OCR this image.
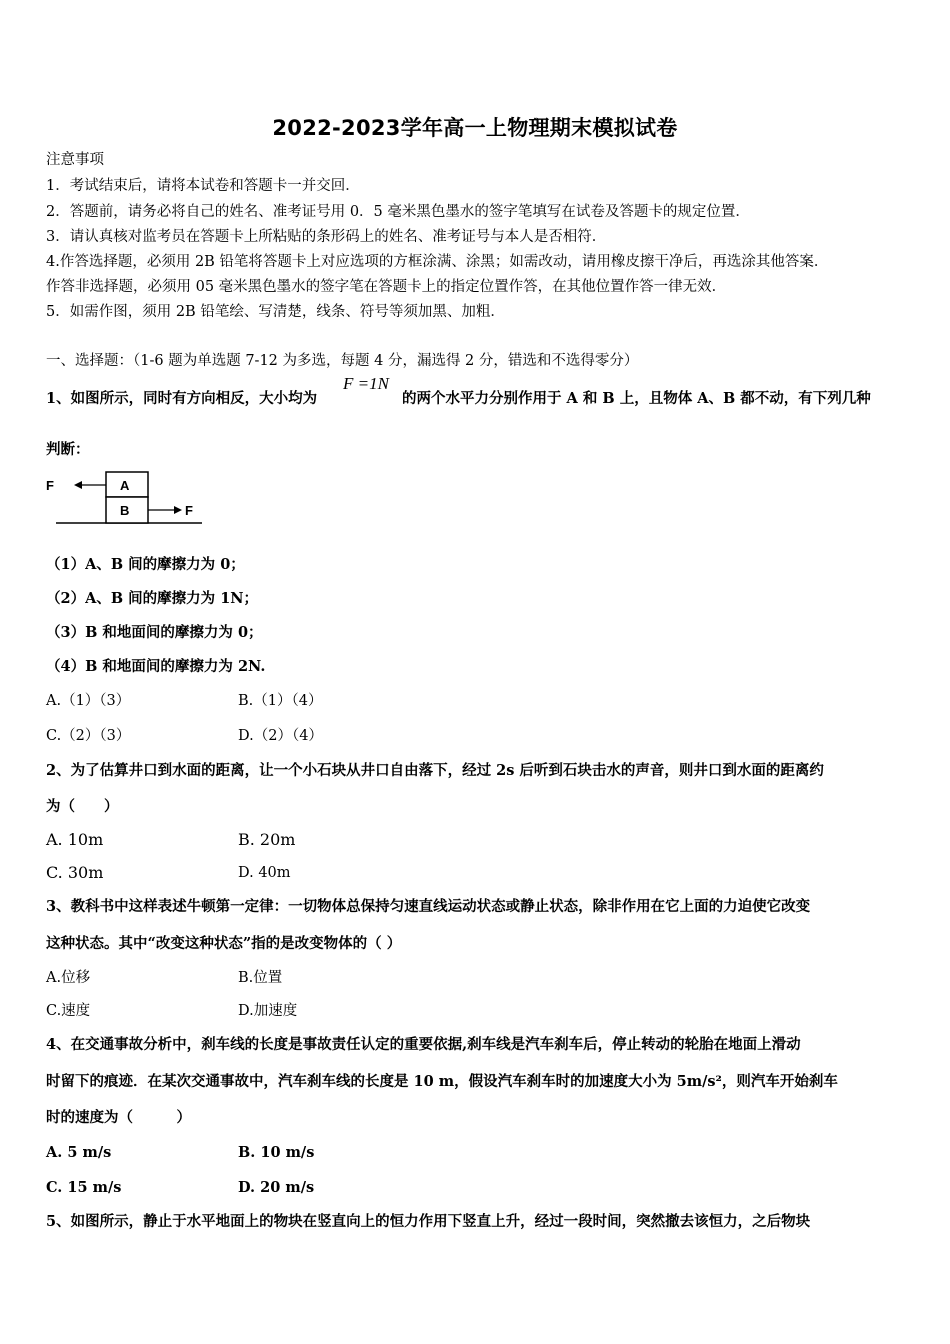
2022-2023学年高一上物理期末模拟试卷
注意事项
1．考试结束后，请将本试卷和答题卡一并交回．
2．答题前，请务必将自己的姓名、准考证号用 0．5 毫米黑色墨水的签字笔填写在试卷及答题卡的规定位置．
3．请认真核对监考员在答题卡上所粘贴的条形码上的姓名、准考证号与本人是否相符．
4.作答选择题，必须用 2B 铅笔将答题卡上对应选项的方框涂满、涂黑；如需改动，请用橡皮擦干净后，再选涂其他答案．
作答非选择题，必须用 05 毫米黑色墨水的签字笔在答题卡上的指定位置作答，在其他位置作答一律无效．
5．如需作图，须用 2B 铅笔绘、写清楚，线条、符号等须加黑、加粗．
一、选择题：（1-6 题为单选题 7-12 为多选，每题 4 分，漏选得 2 分，错选和不选得零分）
1、如图所示，同时有方向相反，大小均为
F =1N
的两个水平力分别作用于 A 和 B 上，且物体 A、B 都不动，有下列几种
判断：
A
B
F
F
（1）A、B 间的摩擦力为 0；
（2）A、B 间的摩擦力为 1N；
（3）B 和地面间的摩擦力为 0；
（4）B 和地面间的摩擦力为 2N.
A.（1）（3）	B.（1）（4）
C.（2）（3）	D.（2）（4）
2、为了估算井口到水面的距离，让一个小石块从井口自由落下，经过 2s 后听到石块击水的声音，则井口到水面的距离约
为（　　）
A. 10m	B. 20m
C. 30m	D. 40m
3、教科书中这样表述牛顿第一定律：一切物体总保持匀速直线运动状态或静止状态，除非作用在它上面的力迫使它改变
这种状态。其中“改变这种状态”指的是改变物体的（ ）
A.位移	B.位置
C.速度	D.加速度
4、在交通事故分析中，刹车线的长度是事故责任认定的重要依据,刹车线是汽车刹车后，停止转动的轮胎在地面上滑动
时留下的痕迹．在某次交通事故中，汽车刹车线的长度是 10 m，假设汽车刹车时的加速度大小为 5m/s²，则汽车开始刹车
时的速度为（　　　）
A. 5 m/s	B. 10 m/s
C. 15 m/s	D. 20 m/s
5、如图所示，静止于水平地面上的物块在竖直向上的恒力作用下竖直上升，经过一段时间，突然撤去该恒力，之后物块
